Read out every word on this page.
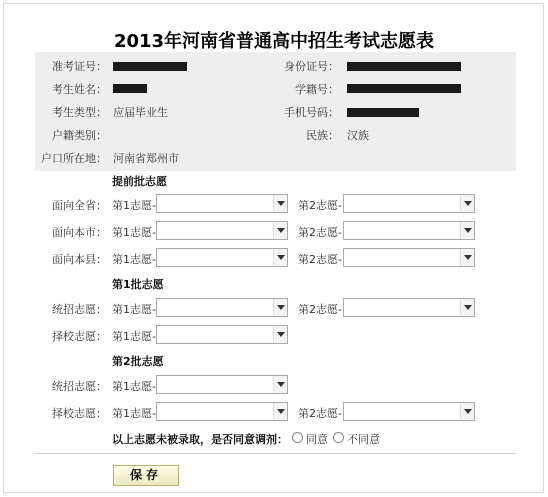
2013年河南省普通高中招生考试志愿表
准考证号：	身份证号：
考生姓名：	学籍号：
考生类型： 应届毕业生	手机号码：
户籍类别：	民族： 汉族
户口所在地： 河南省郑州市
提前批志愿
面向全省： 第1志愿-	第2志愿-
面向本市： 第1志愿-	第2志愿-
面向本县： 第1志愿-	第2志愿-
第1批志愿
统招志愿： 第1志愿-	第2志愿-
择校志愿： 第1志愿-
第2批志愿
统招志愿： 第1志愿-
择校志愿： 第1志愿-	第2志愿-
以上志愿未被录取，是否同意调剂： 同意 不同意
保存
